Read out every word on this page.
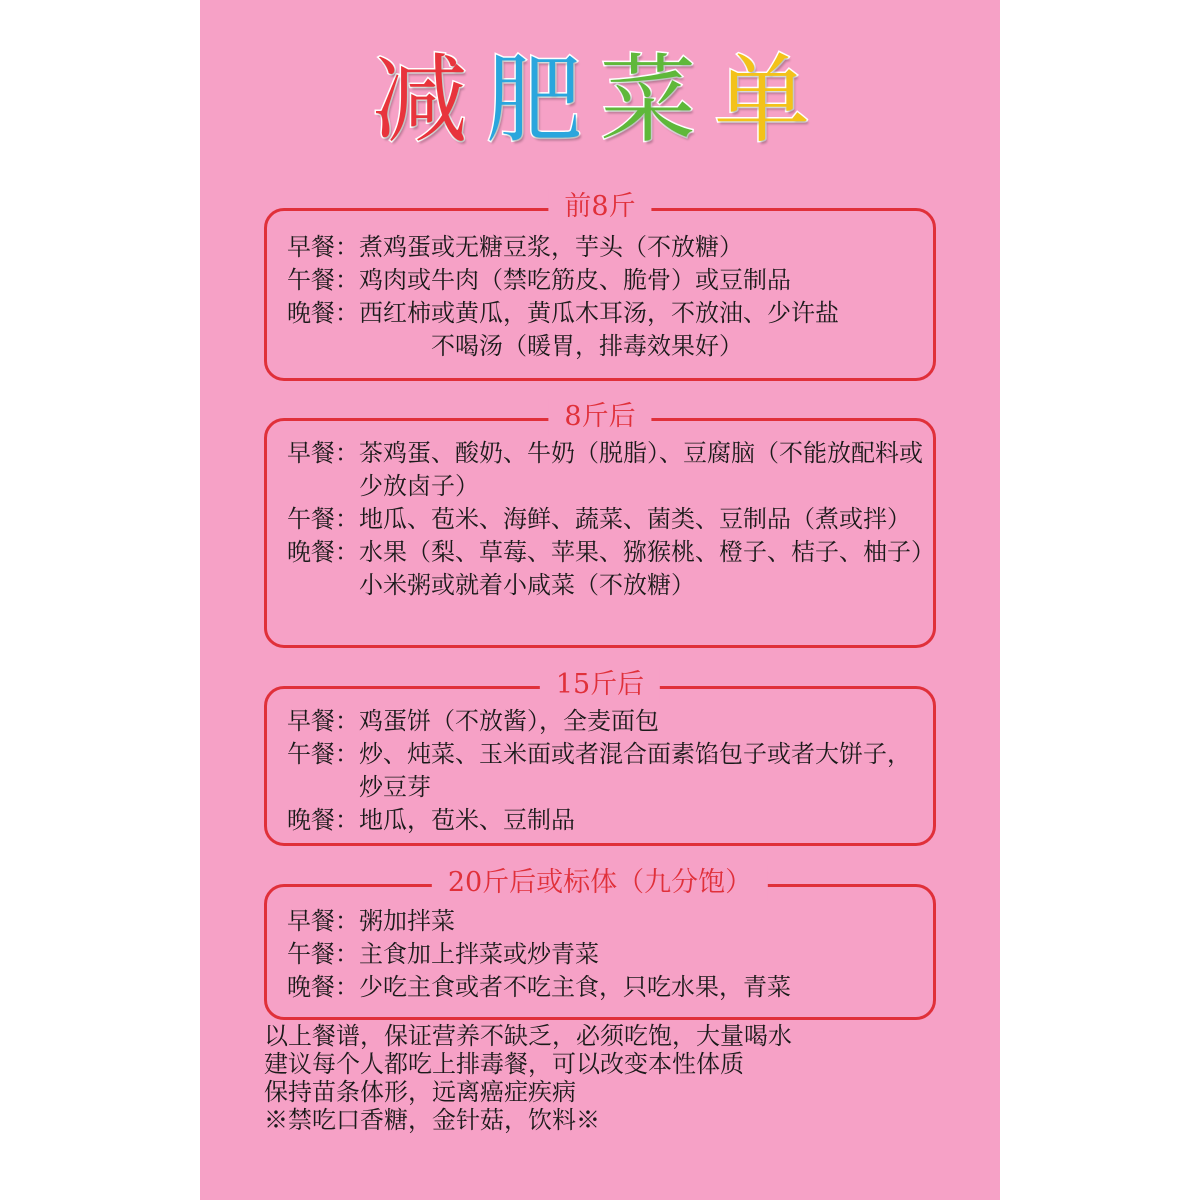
减肥菜单
前8斤
早餐： 煮鸡蛋或无糖豆浆，芋头（不放糖）
午餐： 鸡肉或牛肉（禁吃筋皮、脆骨）或豆制品
晚餐： 西红柿或黄瓜，黄瓜木耳汤，不放油、少许盐
　　　不喝汤（暖胃，排毒效果好）
8斤后
早餐： 茶鸡蛋、酸奶、牛奶（脱脂）、豆腐脑（不能放配料或少放卤子）
午餐： 地瓜、苞米、海鲜、蔬菜、菌类、豆制品（煮或拌）
晚餐： 水果（梨、草莓、苹果、猕猴桃、橙子、桔子、柚子）小米粥或就着小咸菜（不放糖）
15斤后
早餐： 鸡蛋饼（不放酱），全麦面包
午餐： 炒、炖菜、玉米面或者混合面素馅包子或者大饼子，炒豆芽
晚餐： 地瓜，苞米、豆制品
20斤后或标体（九分饱）
早餐： 粥加拌菜
午餐： 主食加上拌菜或炒青菜
晚餐： 少吃主食或者不吃主食，只吃水果，青菜
以上餐谱，保证营养不缺乏，必须吃饱，大量喝水
建议每个人都吃上排毒餐，可以改变本性体质
保持苗条体形，远离癌症疾病
※禁吃口香糖，金针菇，饮料※
